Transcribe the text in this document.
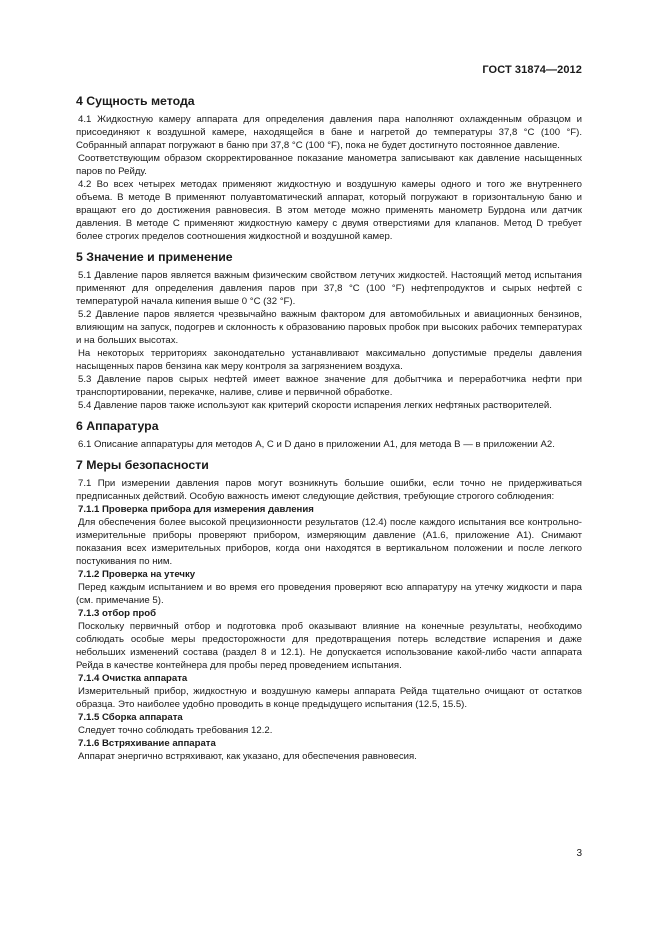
ГОСТ 31874—2012
4 Сущность метода

4.1 Жидкостную камеру аппарата для определения давления пара наполняют охлажденным образцом и присоединяют к воздушной камере, находящейся в бане и нагретой до температуры 37,8 °С (100 °F). Собранный аппарат погружают в баню при 37,8 °С (100 °F), пока не будет достигнуто постоянное давление.

Соответствующим образом скорректированное показание манометра записывают как давление насыщенных паров по Рейду.

4.2 Во всех четырех методах применяют жидкостную и воздушную камеры одного и того же внутреннего объема. В методе В применяют полуавтоматический аппарат, который погружают в горизонтальную баню и вращают его до достижения равновесия. В этом методе можно применять манометр Бурдона или датчик давления. В методе С применяют жидкостную камеру с двумя отверстиями для клапанов. Метод D требует более строгих пределов соотношения жидкостной и воздушной камер.

5 Значение и применение

5.1 Давление паров является важным физическим свойством летучих жидкостей. Настоящий метод испытания применяют для определения давления паров при 37,8 °С (100 °F) нефтепродуктов и сырых нефтей с температурой начала кипения выше 0 °С (32 °F).

5.2 Давление паров является чрезвычайно важным фактором для автомобильных и авиационных бензинов, влияющим на запуск, подогрев и склонность к образованию паровых пробок при высоких рабочих температурах и на больших высотах.

На некоторых территориях законодательно устанавливают максимально допустимые пределы давления насыщенных паров бензина как меру контроля за загрязнением воздуха.

5.3 Давление паров сырых нефтей имеет важное значение для добытчика и переработчика нефти при транспортировании, перекачке, наливе, сливе и первичной обработке.

5.4 Давление паров также используют как критерий скорости испарения легких нефтяных растворителей.

6 Аппаратура

6.1 Описание аппаратуры для методов А, С и D дано в приложении А1, для метода В — в приложении А2.

7 Меры безопасности

7.1 При измерении давления паров могут возникнуть большие ошибки, если точно не придерживаться предписанных действий. Особую важность имеют следующие действия, требующие строгого соблюдения:

7.1.1 Проверка прибора для измерения давления

Для обеспечения более высокой прецизионности результатов (12.4) после каждого испытания все контрольно-измерительные приборы проверяют прибором, измеряющим давление (А1.6, приложение А1). Снимают показания всех измерительных приборов, когда они находятся в вертикальном положении и после легкого постукивания по ним.

7.1.2 Проверка на утечку

Перед каждым испытанием и во время его проведения проверяют всю аппаратуру на утечку жидкости и пара (см. примечание 5).

7.1.3 отбор проб

Поскольку первичный отбор и подготовка проб оказывают влияние на конечные результаты, необходимо соблюдать особые меры предосторожности для предотвращения потерь вследствие испарения и даже небольших изменений состава (раздел 8 и 12.1). Не допускается использование какой-либо части аппарата Рейда в качестве контейнера для пробы перед проведением испытания.

7.1.4 Очистка аппарата

Измерительный прибор, жидкостную и воздушную камеры аппарата Рейда тщательно очищают от остатков образца. Это наиболее удобно проводить в конце предыдущего испытания (12.5, 15.5).

7.1.5 Сборка аппарата

Следует точно соблюдать требования 12.2.

7.1.6 Встряхивание аппарата

Аппарат энергично встряхивают, как указано, для обеспечения равновесия.

3
